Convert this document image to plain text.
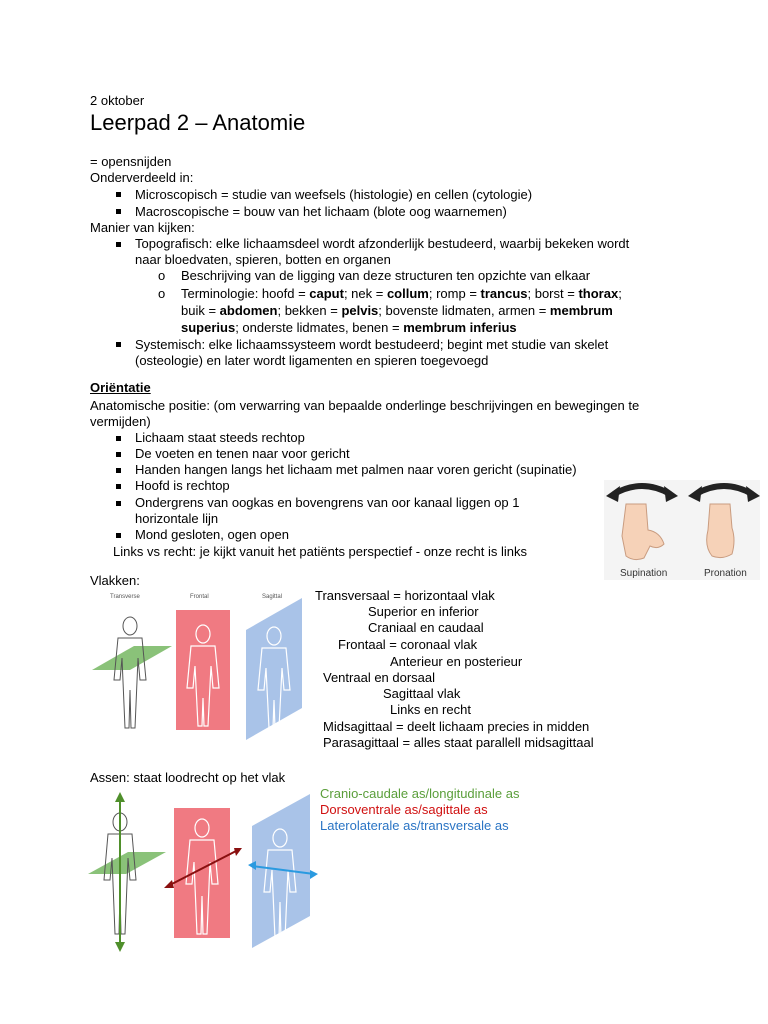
2 oktober
Leerpad 2 – Anatomie
= opensnijden
Onderverdeeld in:
Microscopisch = studie van weefsels (histologie) en cellen (cytologie)
Macroscopische = bouw van het lichaam (blote oog waarnemen)
Manier van kijken:
Topografisch: elke lichaamsdeel wordt afzonderlijk bestudeerd, waarbij bekeken wordt
naar bloedvaten, spieren, botten en organen
o Beschrijving van de ligging van deze structuren ten opzichte van elkaar
o Terminologie: hoofd = caput; nek = collum; romp = trancus; borst = thorax;
buik = abdomen; bekken = pelvis; bovenste lidmaten, armen = membrum
superius; onderste lidmates, benen = membrum inferius
Systemisch: elke lichaamssysteem wordt bestudeerd; begint met studie van skelet
(osteologie) en later wordt ligamenten en spieren toegevoegd
Oriëntatie
Anatomische positie: (om verwarring van bepaalde onderlinge beschrijvingen en bewegingen te
vermijden)
Lichaam staat steeds rechtop
De voeten en tenen naar voor gericht
Handen hangen langs het lichaam met palmen naar voren gericht (supinatie)
Hoofd is rechtop
Ondergrens van oogkas en bovengrens van oor kanaal liggen op 1
horizontale lijn
Mond gesloten, ogen open
Links vs recht: je kijkt vanuit het patiënts perspectief - onze recht is links
Supination	Pronation
Vlakken:
Transverse	Frontal	Sagittal	Transversaal = horizontaal vlak
Superior en inferior
Craniaal en caudaal
Frontaal = coronaal vlak
Anterieur en posterieur
Ventraal en dorsaal
Sagittaal vlak
Links en recht
Midsagittaal = deelt lichaam precies in midden
Parasagittaal = alles staat parallell midsagittaal
Assen: staat loodrecht op het vlak
Cranio-caudale as/longitudinale as
Dorsoventrale as/sagittale as
Laterolaterale as/transversale as
